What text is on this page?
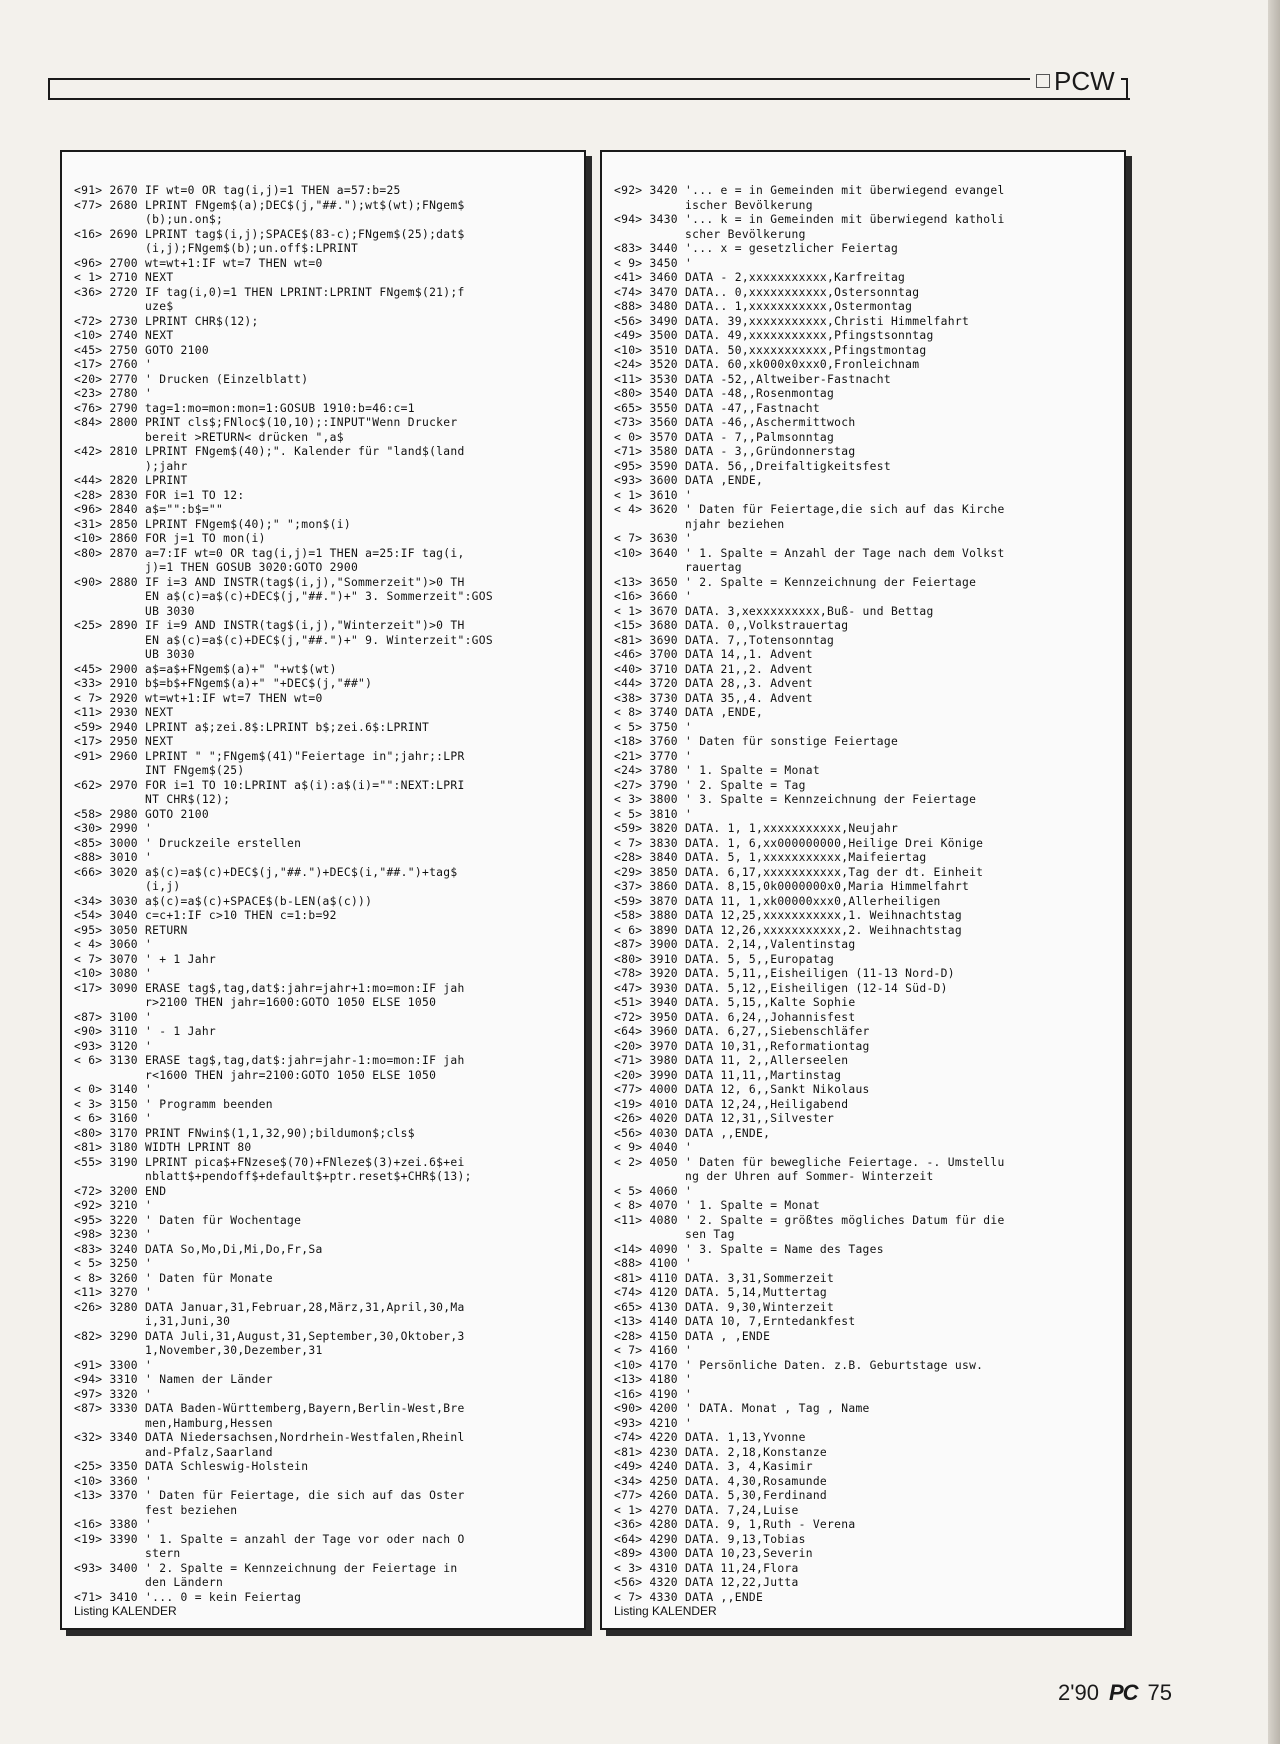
PCW
<91> 2670 IF wt=0 OR tag(i,j)=1 THEN a=57:b=25
<77> 2680 LPRINT FNgem$(a);DEC$(j,"##.");wt$(wt);FNgem$
(b);un.on$;
<16> 2690 LPRINT tag$(i,j);SPACE$(83-c);FNgem$(25);dat$
(i,j);FNgem$(b);un.off$:LPRINT
<96> 2700 wt=wt+1:IF wt=7 THEN wt=0
< 1> 2710 NEXT
<36> 2720 IF tag(i,0)=1 THEN LPRINT:LPRINT FNgem$(21);f
uze$
<72> 2730 LPRINT CHR$(12);
<10> 2740 NEXT
<45> 2750 GOTO 2100
<17> 2760 '
<20> 2770 ' Drucken (Einzelblatt)
<23> 2780 '
<76> 2790 tag=1:mo=mon:mon=1:GOSUB 1910:b=46:c=1
<84> 2800 PRINT cls$;FNloc$(10,10);:INPUT"Wenn Drucker
bereit >RETURN< drücken ",a$
<42> 2810 LPRINT FNgem$(40);". Kalender für "land$(land
);jahr
<44> 2820 LPRINT
<28> 2830 FOR i=1 TO 12:
<96> 2840 a$="":b$=""
<31> 2850 LPRINT FNgem$(40);" ";mon$(i)
<10> 2860 FOR j=1 TO mon(i)
<80> 2870 a=7:IF wt=0 OR tag(i,j)=1 THEN a=25:IF tag(i,
j)=1 THEN GOSUB 3020:GOTO 2900
<90> 2880 IF i=3 AND INSTR(tag$(i,j),"Sommerzeit")>0 TH
EN a$(c)=a$(c)+DEC$(j,"##.")+" 3. Sommerzeit":GOS
UB 3030
<25> 2890 IF i=9 AND INSTR(tag$(i,j),"Winterzeit")>0 TH
EN a$(c)=a$(c)+DEC$(j,"##.")+" 9. Winterzeit":GOS
UB 3030
<45> 2900 a$=a$+FNgem$(a)+" "+wt$(wt)
<33> 2910 b$=b$+FNgem$(a)+" "+DEC$(j,"##")
< 7> 2920 wt=wt+1:IF wt=7 THEN wt=0
<11> 2930 NEXT
<59> 2940 LPRINT a$;zei.8$:LPRINT b$;zei.6$:LPRINT
<17> 2950 NEXT
<91> 2960 LPRINT " ";FNgem$(41)"Feiertage in";jahr;:LPR
INT FNgem$(25)
<62> 2970 FOR i=1 TO 10:LPRINT a$(i):a$(i)="":NEXT:LPRI
NT CHR$(12);
<58> 2980 GOTO 2100
<30> 2990 '
<85> 3000 ' Druckzeile erstellen
<88> 3010 '
<66> 3020 a$(c)=a$(c)+DEC$(j,"##.")+DEC$(i,"##.")+tag$
(i,j)
<34> 3030 a$(c)=a$(c)+SPACE$(b-LEN(a$(c)))
<54> 3040 c=c+1:IF c>10 THEN c=1:b=92
<95> 3050 RETURN
< 4> 3060 '
< 7> 3070 ' + 1 Jahr
<10> 3080 '
<17> 3090 ERASE tag$,tag,dat$:jahr=jahr+1:mo=mon:IF jah
r>2100 THEN jahr=1600:GOTO 1050 ELSE 1050
<87> 3100 '
<90> 3110 ' - 1 Jahr
<93> 3120 '
< 6> 3130 ERASE tag$,tag,dat$:jahr=jahr-1:mo=mon:IF jah
r<1600 THEN jahr=2100:GOTO 1050 ELSE 1050
< 0> 3140 '
< 3> 3150 ' Programm beenden
< 6> 3160 '
<80> 3170 PRINT FNwin$(1,1,32,90);bildumon$;cls$
<81> 3180 WIDTH LPRINT 80
<55> 3190 LPRINT pica$+FNzese$(70)+FNleze$(3)+zei.6$+ei
nblatt$+pendoff$+default$+ptr.reset$+CHR$(13);
<72> 3200 END
<92> 3210 '
<95> 3220 ' Daten für Wochentage
<98> 3230 '
<83> 3240 DATA So,Mo,Di,Mi,Do,Fr,Sa
< 5> 3250 '
< 8> 3260 ' Daten für Monate
<11> 3270 '
<26> 3280 DATA Januar,31,Februar,28,März,31,April,30,Ma
i,31,Juni,30
<82> 3290 DATA Juli,31,August,31,September,30,Oktober,3
1,November,30,Dezember,31
<91> 3300 '
<94> 3310 ' Namen der Länder
<97> 3320 '
<87> 3330 DATA Baden-Württemberg,Bayern,Berlin-West,Bre
men,Hamburg,Hessen
<32> 3340 DATA Niedersachsen,Nordrhein-Westfalen,Rheinl
and-Pfalz,Saarland
<25> 3350 DATA Schleswig-Holstein
<10> 3360 '
<13> 3370 ' Daten für Feiertage, die sich auf das Oster
fest beziehen
<16> 3380 '
<19> 3390 ' 1. Spalte = anzahl der Tage vor oder nach O
stern
<93> 3400 ' 2. Spalte = Kennzeichnung der Feiertage in
den Ländern
<71> 3410 '... 0 = kein Feiertag
Listing KALENDER
<92> 3420 '... e = in Gemeinden mit überwiegend evangel
ischer Bevölkerung
<94> 3430 '... k = in Gemeinden mit überwiegend katholi
scher Bevölkerung
<83> 3440 '... x = gesetzlicher Feiertag
< 9> 3450 '
<41> 3460 DATA - 2,xxxxxxxxxxx,Karfreitag
<74> 3470 DATA.. 0,xxxxxxxxxxx,Ostersonntag
<88> 3480 DATA.. 1,xxxxxxxxxxx,Ostermontag
<56> 3490 DATA. 39,xxxxxxxxxxx,Christi Himmelfahrt
<49> 3500 DATA. 49,xxxxxxxxxxx,Pfingstsonntag
<10> 3510 DATA. 50,xxxxxxxxxxx,Pfingstmontag
<24> 3520 DATA. 60,xk000x0xxx0,Fronleichnam
<11> 3530 DATA -52,,Altweiber-Fastnacht
<80> 3540 DATA -48,,Rosenmontag
<65> 3550 DATA -47,,Fastnacht
<73> 3560 DATA -46,,Aschermittwoch
< 0> 3570 DATA - 7,,Palmsonntag
<71> 3580 DATA - 3,,Gründonnerstag
<95> 3590 DATA. 56,,Dreifaltigkeitsfest
<93> 3600 DATA ,ENDE,
< 1> 3610 '
< 4> 3620 ' Daten für Feiertage,die sich auf das Kirche
njahr beziehen
< 7> 3630 '
<10> 3640 ' 1. Spalte = Anzahl der Tage nach dem Volkst
rauertag
<13> 3650 ' 2. Spalte = Kennzeichnung der Feiertage
<16> 3660 '
< 1> 3670 DATA. 3,xexxxxxxxxx,Buß- und Bettag
<15> 3680 DATA. 0,,Volkstrauertag
<81> 3690 DATA. 7,,Totensonntag
<46> 3700 DATA 14,,1. Advent
<40> 3710 DATA 21,,2. Advent
<44> 3720 DATA 28,,3. Advent
<38> 3730 DATA 35,,4. Advent
< 8> 3740 DATA ,ENDE,
< 5> 3750 '
<18> 3760 ' Daten für sonstige Feiertage
<21> 3770 '
<24> 3780 ' 1. Spalte = Monat
<27> 3790 ' 2. Spalte = Tag
< 3> 3800 ' 3. Spalte = Kennzeichnung der Feiertage
< 5> 3810 '
<59> 3820 DATA. 1, 1,xxxxxxxxxxx,Neujahr
< 7> 3830 DATA. 1, 6,xx000000000,Heilige Drei Könige
<28> 3840 DATA. 5, 1,xxxxxxxxxxx,Maifeiertag
<29> 3850 DATA. 6,17,xxxxxxxxxxx,Tag der dt. Einheit
<37> 3860 DATA. 8,15,0k0000000x0,Maria Himmelfahrt
<59> 3870 DATA 11, 1,xk00000xxx0,Allerheiligen
<58> 3880 DATA 12,25,xxxxxxxxxxx,1. Weihnachtstag
< 6> 3890 DATA 12,26,xxxxxxxxxxx,2. Weihnachtstag
<87> 3900 DATA. 2,14,,Valentinstag
<80> 3910 DATA. 5, 5,,Europatag
<78> 3920 DATA. 5,11,,Eisheiligen (11-13 Nord-D)
<47> 3930 DATA. 5,12,,Eisheiligen (12-14 Süd-D)
<51> 3940 DATA. 5,15,,Kalte Sophie
<72> 3950 DATA. 6,24,,Johannisfest
<64> 3960 DATA. 6,27,,Siebenschläfer
<20> 3970 DATA 10,31,,Reformationtag
<71> 3980 DATA 11, 2,,Allerseelen
<20> 3990 DATA 11,11,,Martinstag
<77> 4000 DATA 12, 6,,Sankt Nikolaus
<19> 4010 DATA 12,24,,Heiligabend
<26> 4020 DATA 12,31,,Silvester
<56> 4030 DATA ,,ENDE,
< 9> 4040 '
< 2> 4050 ' Daten für bewegliche Feiertage. -. Umstellu
ng der Uhren auf Sommer- Winterzeit
< 5> 4060 '
< 8> 4070 ' 1. Spalte = Monat
<11> 4080 ' 2. Spalte = größtes mögliches Datum für die
sen Tag
<14> 4090 ' 3. Spalte = Name des Tages
<88> 4100 '
<81> 4110 DATA. 3,31,Sommerzeit
<74> 4120 DATA. 5,14,Muttertag
<65> 4130 DATA. 9,30,Winterzeit
<13> 4140 DATA 10, 7,Erntedankfest
<28> 4150 DATA , ,ENDE
< 7> 4160 '
<10> 4170 ' Persönliche Daten. z.B. Geburtstage usw.
<13> 4180 '
<16> 4190 '
<90> 4200 ' DATA. Monat , Tag , Name
<93> 4210 '
<74> 4220 DATA. 1,13,Yvonne
<81> 4230 DATA. 2,18,Konstanze
<49> 4240 DATA. 3, 4,Kasimir
<34> 4250 DATA. 4,30,Rosamunde
<77> 4260 DATA. 5,30,Ferdinand
< 1> 4270 DATA. 7,24,Luise
<36> 4280 DATA. 9, 1,Ruth - Verena
<64> 4290 DATA. 9,13,Tobias
<89> 4300 DATA 10,23,Severin
< 3> 4310 DATA 11,24,Flora
<56> 4320 DATA 12,22,Jutta
< 7> 4330 DATA ,,ENDE
Listing KALENDER
2'90 PC 75
